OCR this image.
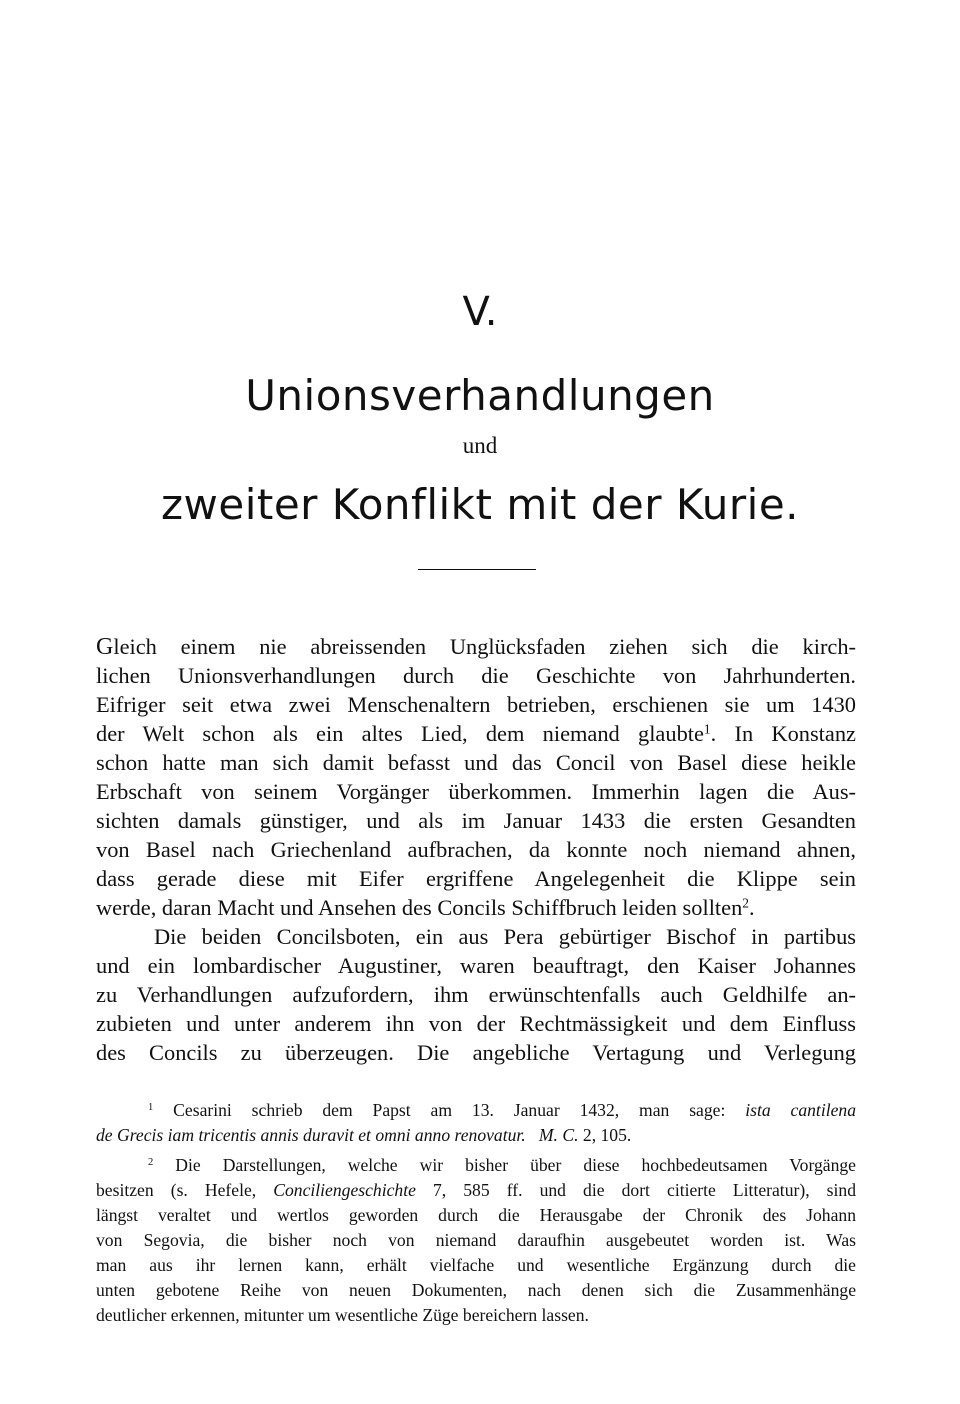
V.
Unionsverhandlungen
und
zweiter Konflikt mit der Kurie.
Gleich einem nie abreissenden Unglücksfaden ziehen sich die kirch-
lichen Unionsverhandlungen durch die Geschichte von Jahrhunderten.
Eifriger seit etwa zwei Menschenaltern betrieben, erschienen sie um 1430
der Welt schon als ein altes Lied, dem niemand glaubte$^1$. In Konstanz
schon hatte man sich damit befasst und das Concil von Basel diese heikle
Erbschaft von seinem Vorgänger überkommen. Immerhin lagen die Aus-
sichten damals günstiger, und als im Januar 1433 die ersten Gesandten
von Basel nach Griechenland aufbrachen, da konnte noch niemand ahnen,
dass gerade diese mit Eifer ergriffene Angelegenheit die Klippe sein
werde, daran Macht und Ansehen des Concils Schiffbruch leiden sollten$^2$.
Die beiden Concilsboten, ein aus Pera gebürtiger Bischof in partibus
und ein lombardischer Augustiner, waren beauftragt, den Kaiser Johannes
zu Verhandlungen aufzufordern, ihm erwünschtenfalls auch Geldhilfe an-
zubieten und unter anderem ihn von der Rechtmässigkeit und dem Einfluss
des Concils zu überzeugen. Die angebliche Vertagung und Verlegung
$^1$ Cesarini schrieb dem Papst am 13. Januar 1432, man sage: ista cantilena
de Grecis iam tricentis annis duravit et omni anno renovatur. M. C. 2, 105.
$^2$ Die Darstellungen, welche wir bisher über diese hochbedeutsamen Vorgänge
besitzen (s. Hefele, Conciliengeschichte 7, 585 ff. und die dort citierte Litteratur), sind
längst veraltet und wertlos geworden durch die Herausgabe der Chronik des Johann
von Segovia, die bisher noch von niemand daraufhin ausgebeutet worden ist. Was
man aus ihr lernen kann, erhält vielfache und wesentliche Ergänzung durch die
unten gebotene Reihe von neuen Dokumenten, nach denen sich die Zusammenhänge
deutlicher erkennen, mitunter um wesentliche Züge bereichern lassen.
